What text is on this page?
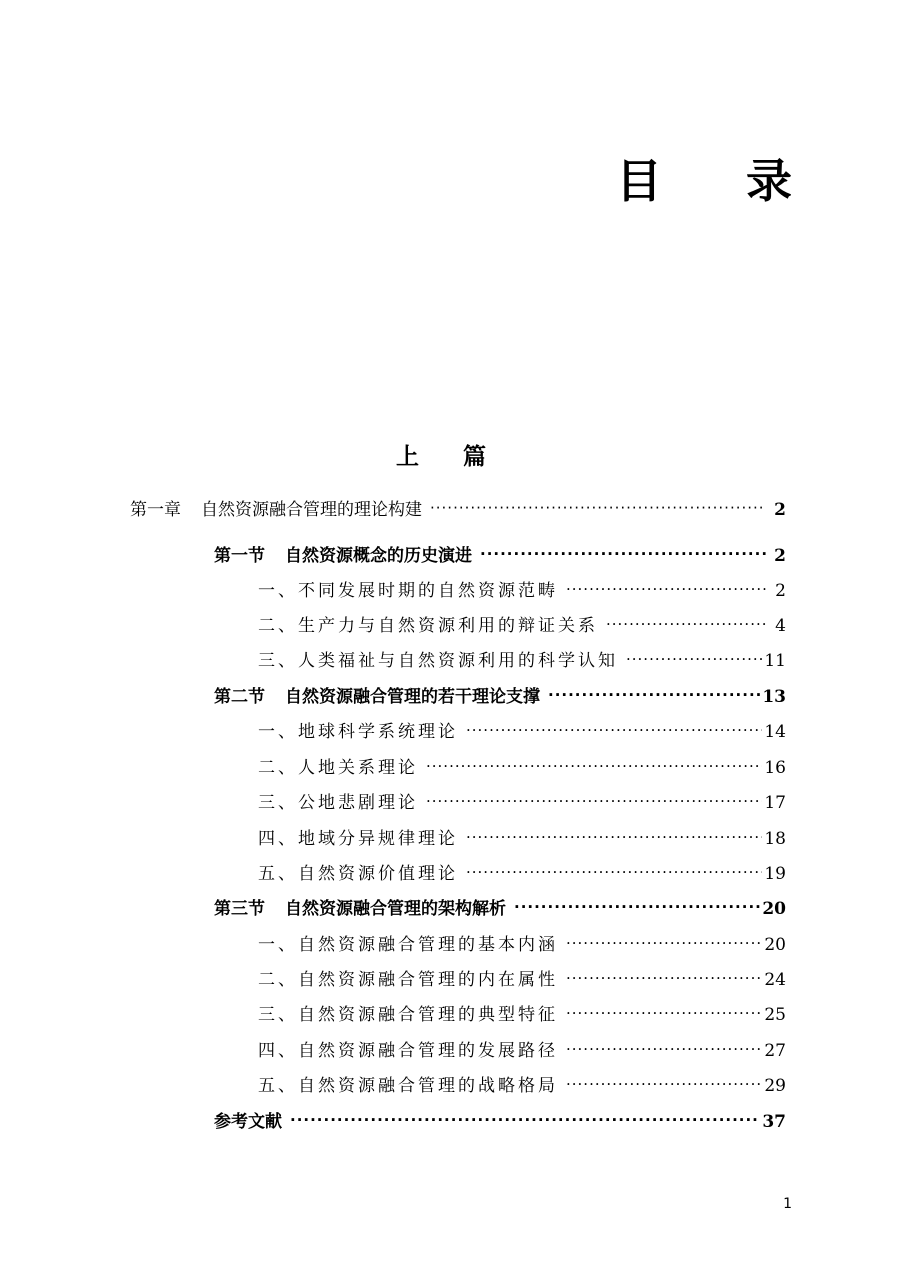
目 录
上 篇
第一章 自然资源融合管理的理论构建 ·····	2
第一节 自然资源概念的历史演进 ·····	2
一、不同发展时期的自然资源范畴 ·····	2
二、生产力与自然资源利用的辩证关系 ·····	4
三、人类福祉与自然资源利用的科学认知 ·····	11
第二节 自然资源融合管理的若干理论支撑 ·····	13
一、地球科学系统理论 ·····	14
二、人地关系理论 ·····	16
三、公地悲剧理论 ·····	17
四、地域分异规律理论 ·····	18
五、自然资源价值理论 ·····	19
第三节 自然资源融合管理的架构解析 ·····	20
一、自然资源融合管理的基本内涵 ·····	20
二、自然资源融合管理的内在属性 ·····	24
三、自然资源融合管理的典型特征 ·····	25
四、自然资源融合管理的发展路径 ·····	27
五、自然资源融合管理的战略格局 ·····	29
参考文献 ·····	37
1
